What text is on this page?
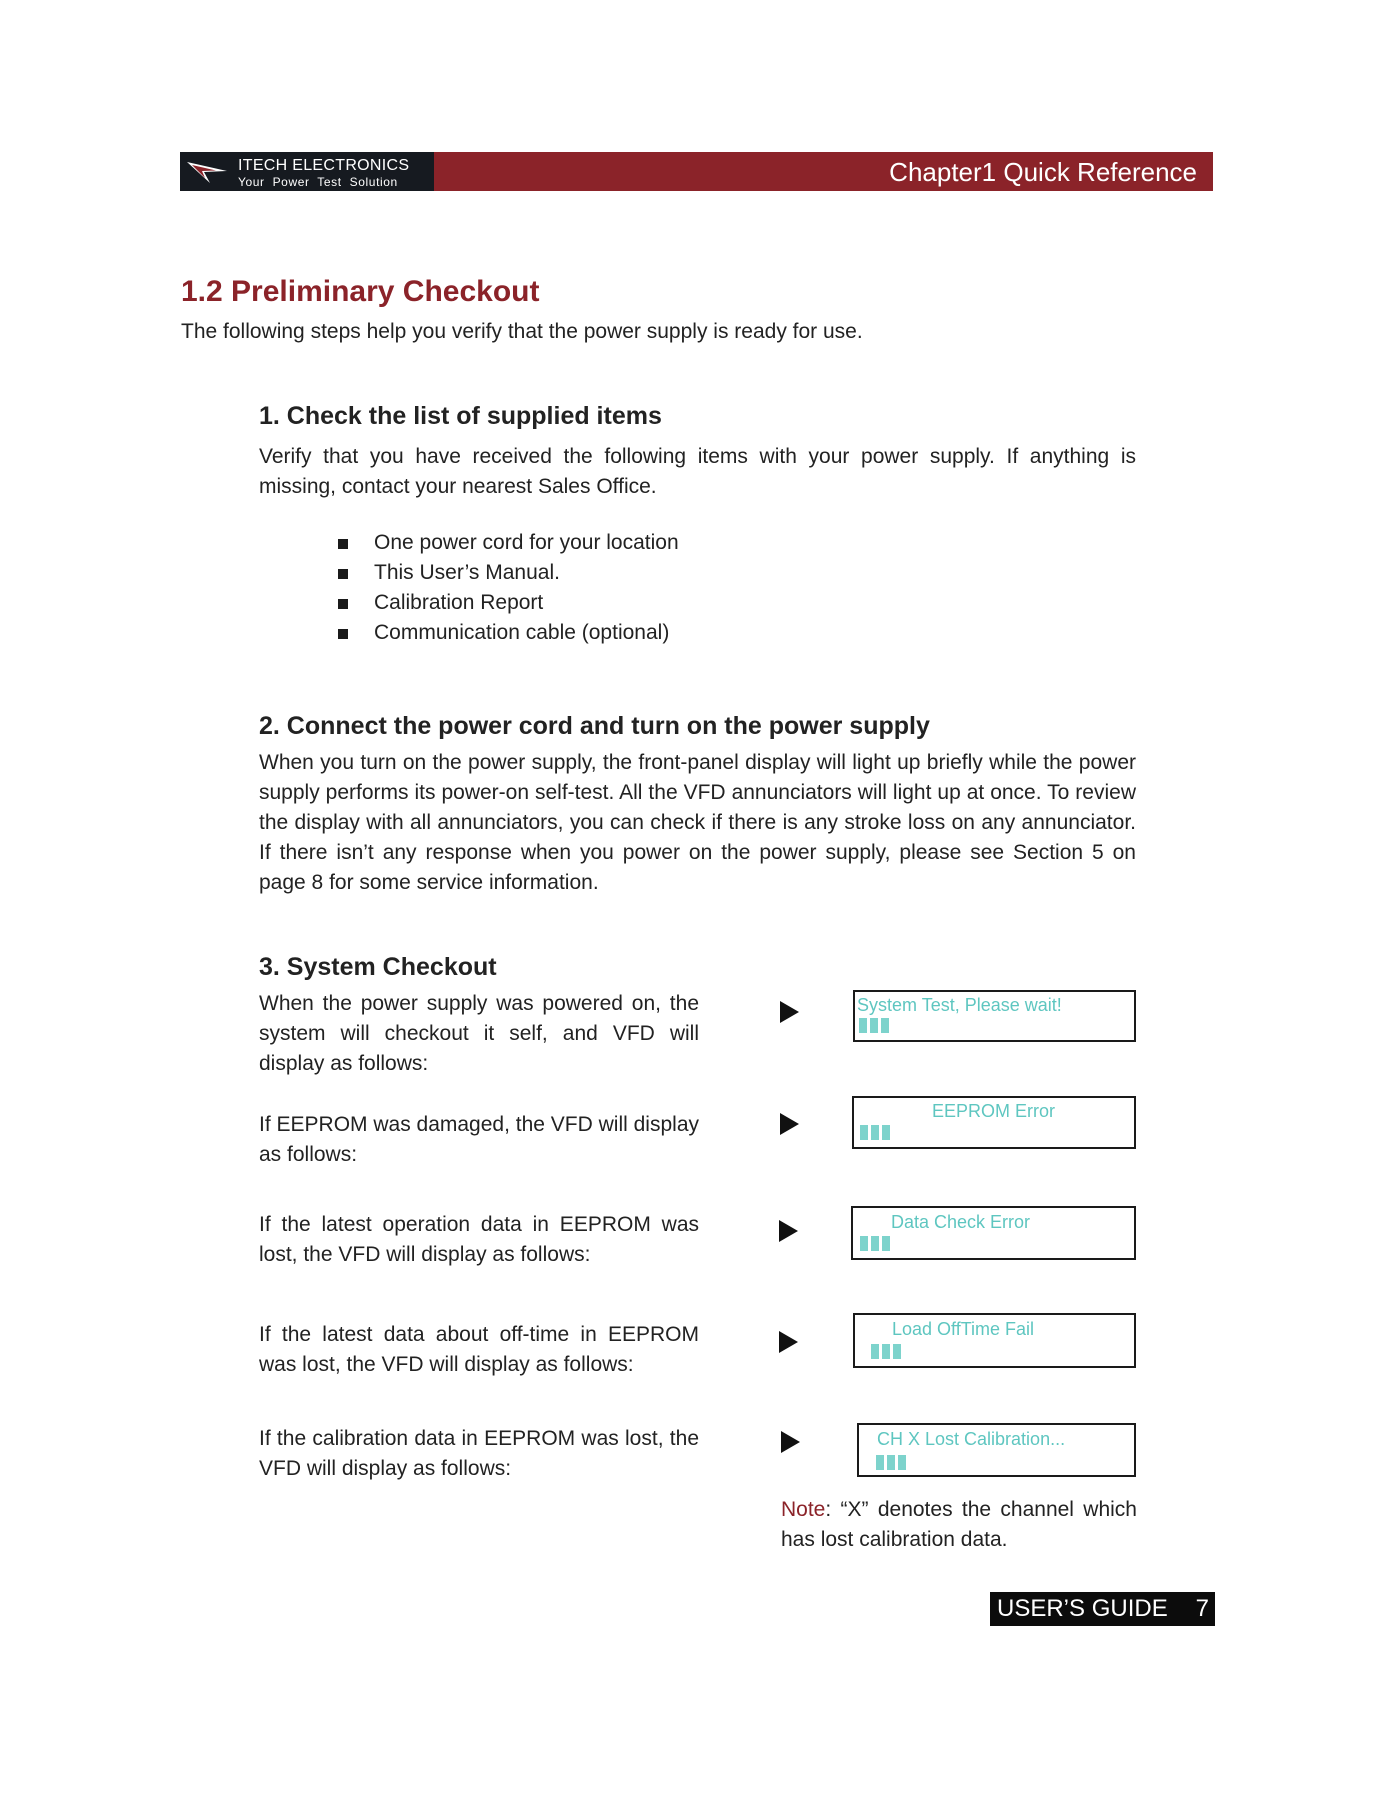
Chapter1 Quick Reference
ITECH ELECTRONICS
Your Power Test Solution
1.2 Preliminary Checkout

The following steps help you verify that the power supply is ready for use.

1. Check the list of supplied items

Verify that you have received the following items with your power supply. If anything is missing, contact your nearest Sales Office.

One power cord for your location
This User’s Manual.
Calibration Report
Communication cable (optional)
2. Connect the power cord and turn on the power supply

When you turn on the power supply, the front-panel display will light up briefly while the power supply performs its power-on self-test. All the VFD annunciators will light up at once. To review the display with all annunciators, you can check if there is any stroke loss on any annunciator. If there isn’t any response when you power on the power supply, please see Section 5 on page 8 for some service information.

3. System Checkout

When the power supply was powered on, the system will checkout it self, and VFD will display as follows:

System Test, Please wait!

If EEPROM was damaged, the VFD will display as follows:

EEPROM Error

If the latest operation data in EEPROM was lost, the VFD will display as follows:

Data Check Error

If the latest data about off-time in EEPROM was lost, the VFD will display as follows:

Load OffTime Fail

If the calibration data in EEPROM was lost, the VFD will display as follows:

CH X Lost Calibration...

Note: “X” denotes the channel which has lost calibration data.

USER’S GUIDE 7
